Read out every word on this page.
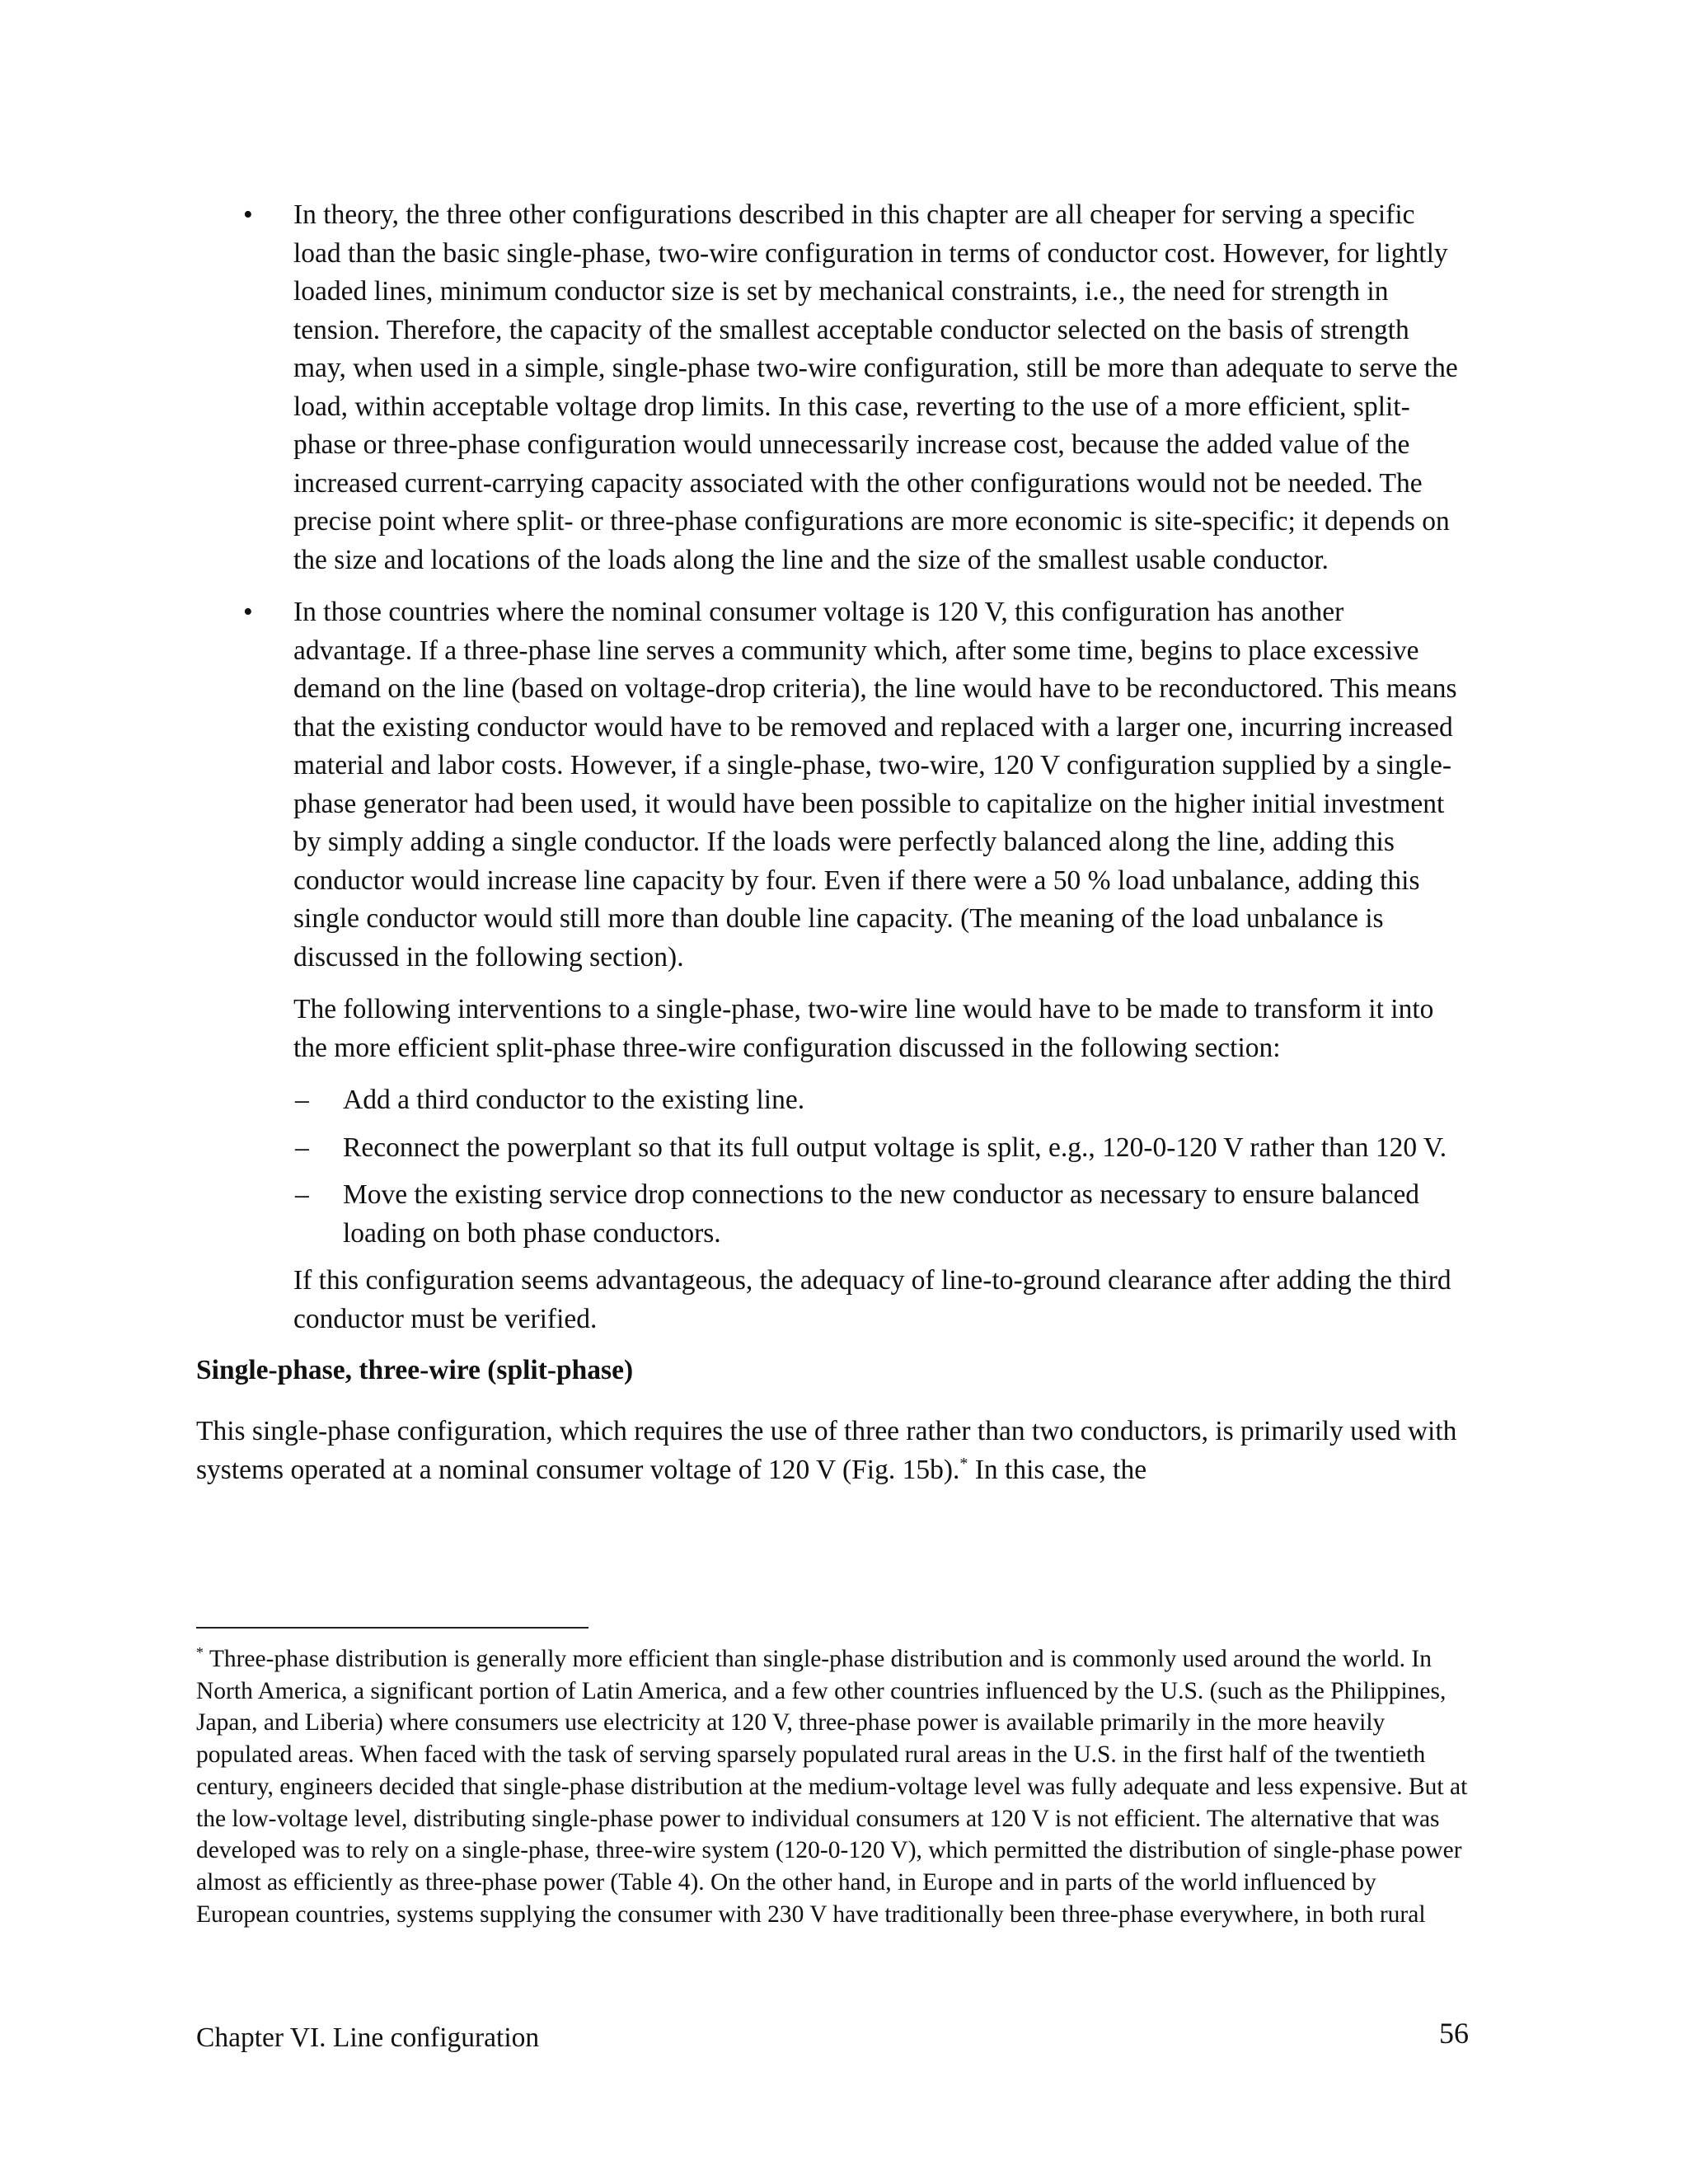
•

In theory, the three other configurations described in this chapter are all cheaper for serving a specific load than the basic single-phase, two-wire configuration in terms of conductor cost. However, for lightly loaded lines, minimum conductor size is set by mechanical constraints, i.e., the need for strength in tension. Therefore, the capacity of the smallest acceptable conductor selected on the basis of strength may, when used in a simple, single-phase two-wire configuration, still be more than adequate to serve the load, within acceptable voltage drop limits. In this case, reverting to the use of a more efficient, split-phase or three-phase configuration would unnecessarily increase cost, because the added value of the increased current-carrying capacity associated with the other configurations would not be needed. The precise point where split- or three-phase configurations are more economic is site-specific; it depends on the size and locations of the loads along the line and the size of the smallest usable conductor.

•

In those countries where the nominal consumer voltage is 120 V, this configuration has another advantage. If a three-phase line serves a community which, after some time, begins to place excessive demand on the line (based on voltage-drop criteria), the line would have to be reconductored. This means that the existing conductor would have to be removed and replaced with a larger one, incurring increased material and labor costs. However, if a single-phase, two-wire, 120 V configuration supplied by a single-phase generator had been used, it would have been possible to capitalize on the higher initial investment by simply adding a single conductor. If the loads were perfectly balanced along the line, adding this conductor would increase line capacity by four. Even if there were a 50 % load unbalance, adding this single conductor would still more than double line capacity. (The meaning of the load unbalance is discussed in the following section).

The following interventions to a single-phase, two-wire line would have to be made to transform it into the more efficient split-phase three-wire configuration discussed in the following section:

–

Add a third conductor to the existing line.

–

Reconnect the powerplant so that its full output voltage is split, e.g., 120-0-120 V rather than 120 V.

–

Move the existing service drop connections to the new conductor as necessary to ensure balanced loading on both phase conductors.

If this configuration seems advantageous, the adequacy of line-to-ground clearance after adding the third conductor must be verified.

Single-phase, three-wire (split-phase)

This single-phase configuration, which requires the use of three rather than two conductors, is primarily used with systems operated at a nominal consumer voltage of 120 V (Fig. 15b).* In this case, the

* Three-phase distribution is generally more efficient than single-phase distribution and is commonly used around the world. In North America, a significant portion of Latin America, and a few other countries influenced by the U.S. (such as the Philippines, Japan, and Liberia) where consumers use electricity at 120 V, three-phase power is available primarily in the more heavily populated areas. When faced with the task of serving sparsely populated rural areas in the U.S. in the first half of the twentieth century, engineers decided that single-phase distribution at the medium-voltage level was fully adequate and less expensive. But at the low-voltage level, distributing single-phase power to individual consumers at 120 V is not efficient. The alternative that was developed was to rely on a single-phase, three-wire system (120-0-120 V), which permitted the distribution of single-phase power almost as efficiently as three-phase power (Table 4). On the other hand, in Europe and in parts of the world influenced by European countries, systems supplying the consumer with 230 V have traditionally been three-phase everywhere, in both rural

Chapter VI. Line configuration	56
